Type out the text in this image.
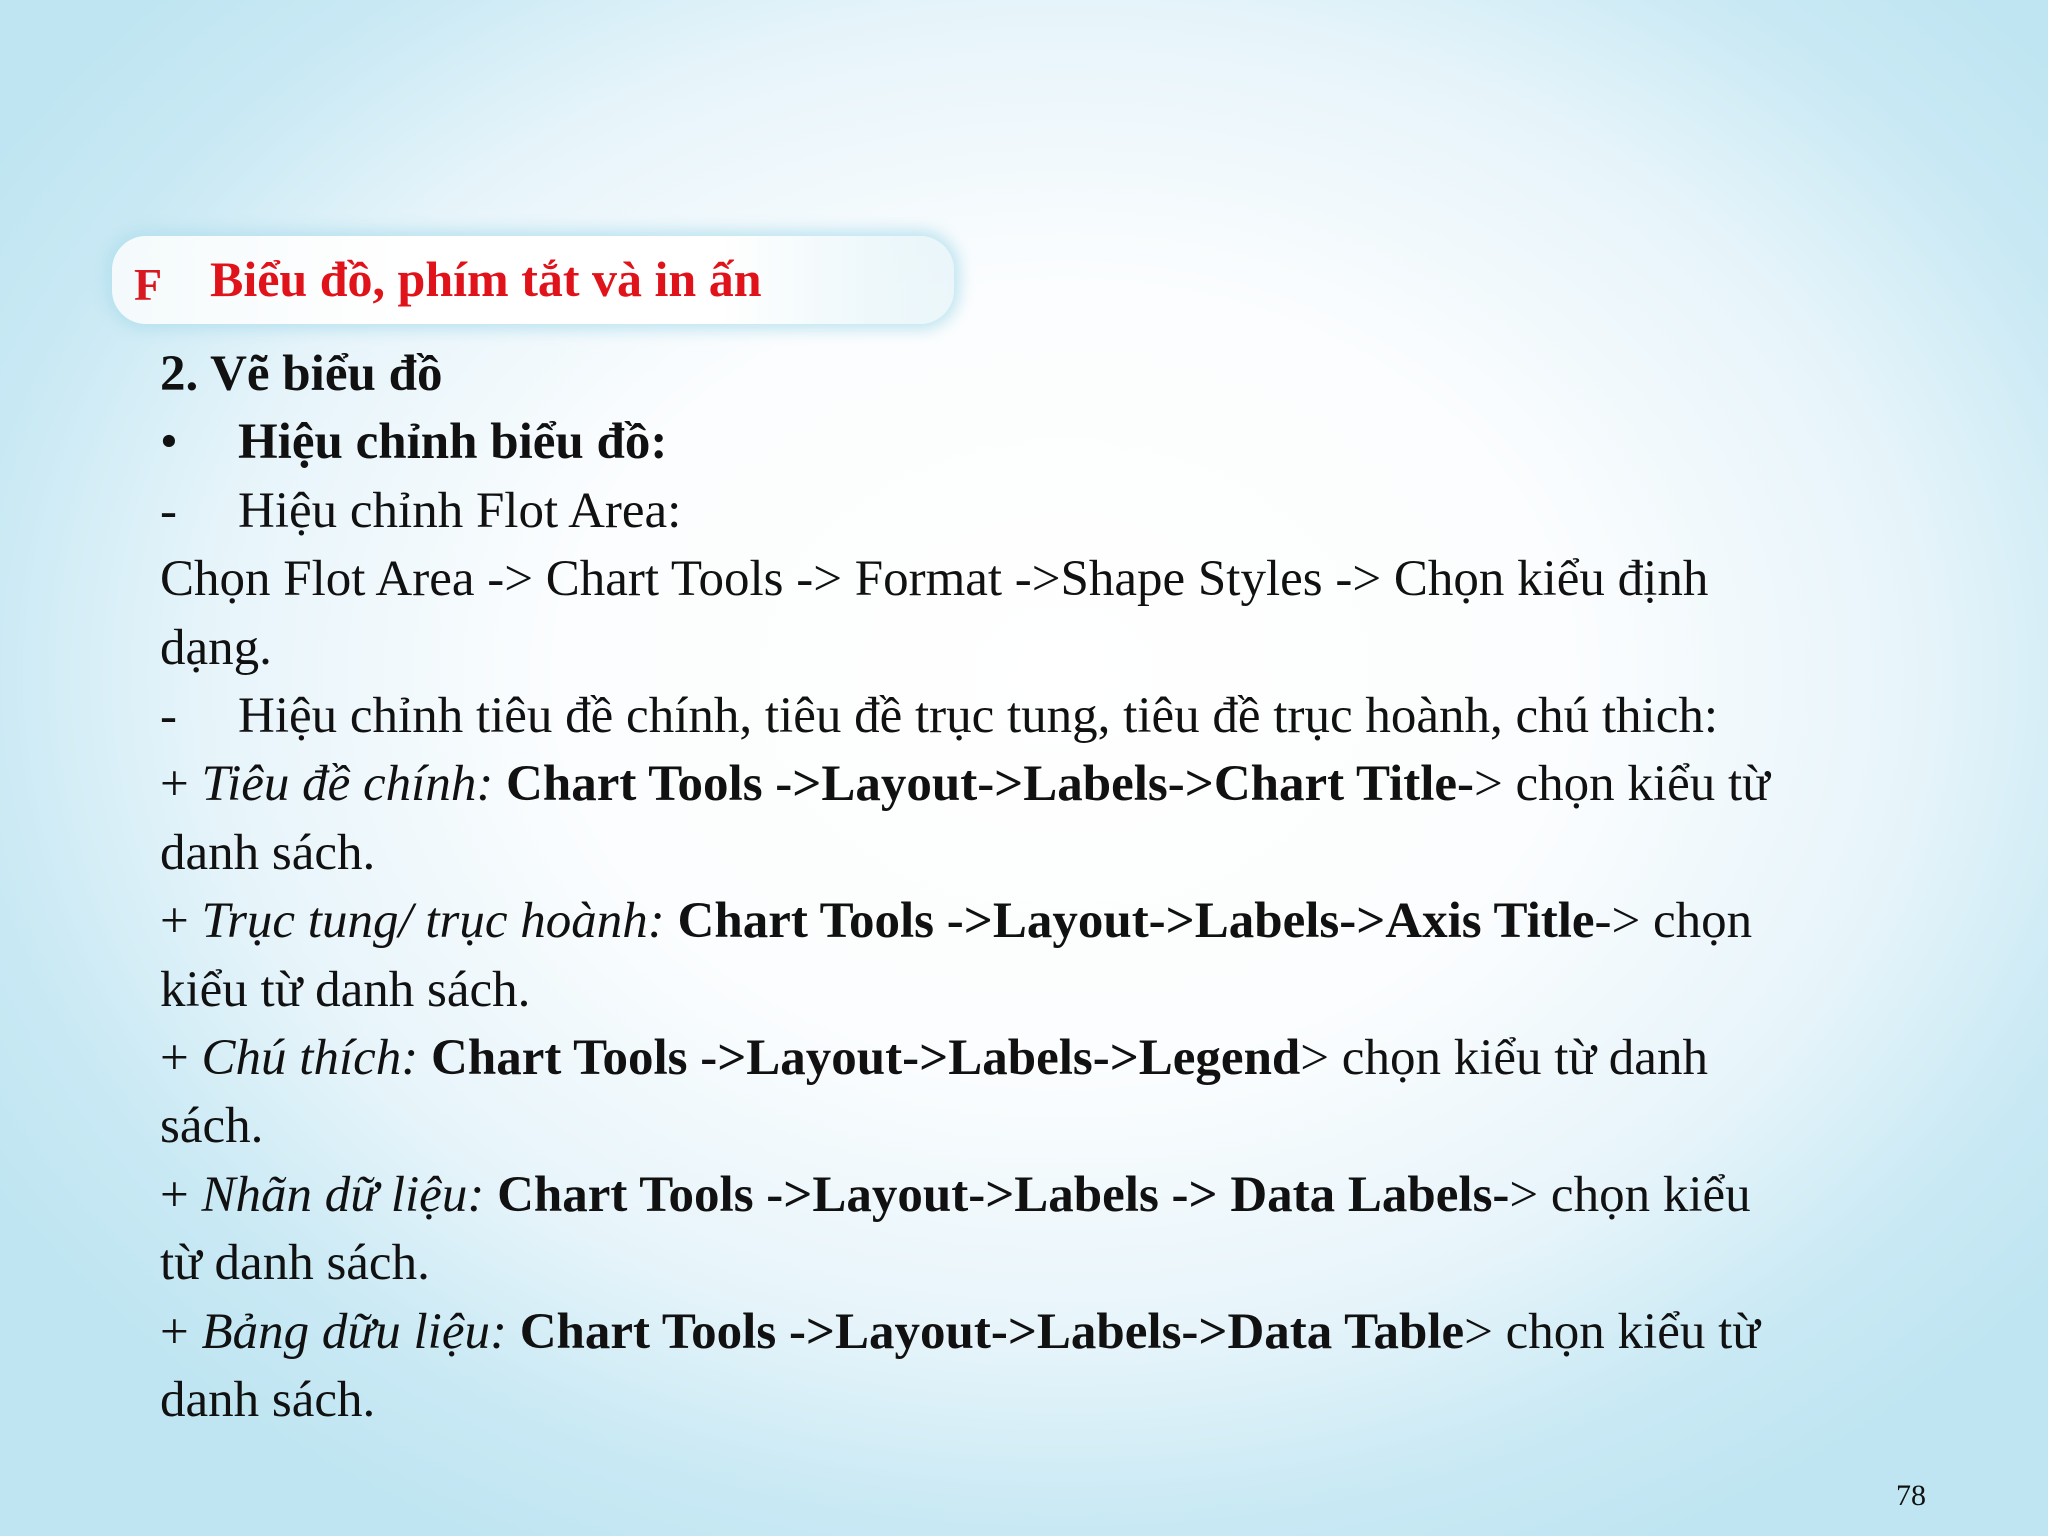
F Biểu đồ, phím tắt và in ấn

2. Vẽ biểu đồ

• Hiệu chỉnh biểu đồ:

- Hiệu chỉnh Flot Area:

Chọn Flot Area -> Chart Tools -> Format ->Shape Styles -> Chọn kiểu định

dạng.

- Hiệu chỉnh tiêu đề chính, tiêu đề trục tung, tiêu đề trục hoành, chú thich:

+ Tiêu đề chính: Chart Tools ->Layout->Labels->Chart Title-> chọn kiểu từ

danh sách.

+ Trục tung/ trục hoành: Chart Tools ->Layout->Labels->Axis Title-> chọn

kiểu từ danh sách.

+ Chú thích: Chart Tools ->Layout->Labels->Legend> chọn kiểu từ danh

sách.

+ Nhãn dữ liệu: Chart Tools ->Layout->Labels -> Data Labels-> chọn kiểu

từ danh sách.

+ Bảng dữu liệu: Chart Tools ->Layout->Labels->Data Table> chọn kiểu từ

danh sách.

78
